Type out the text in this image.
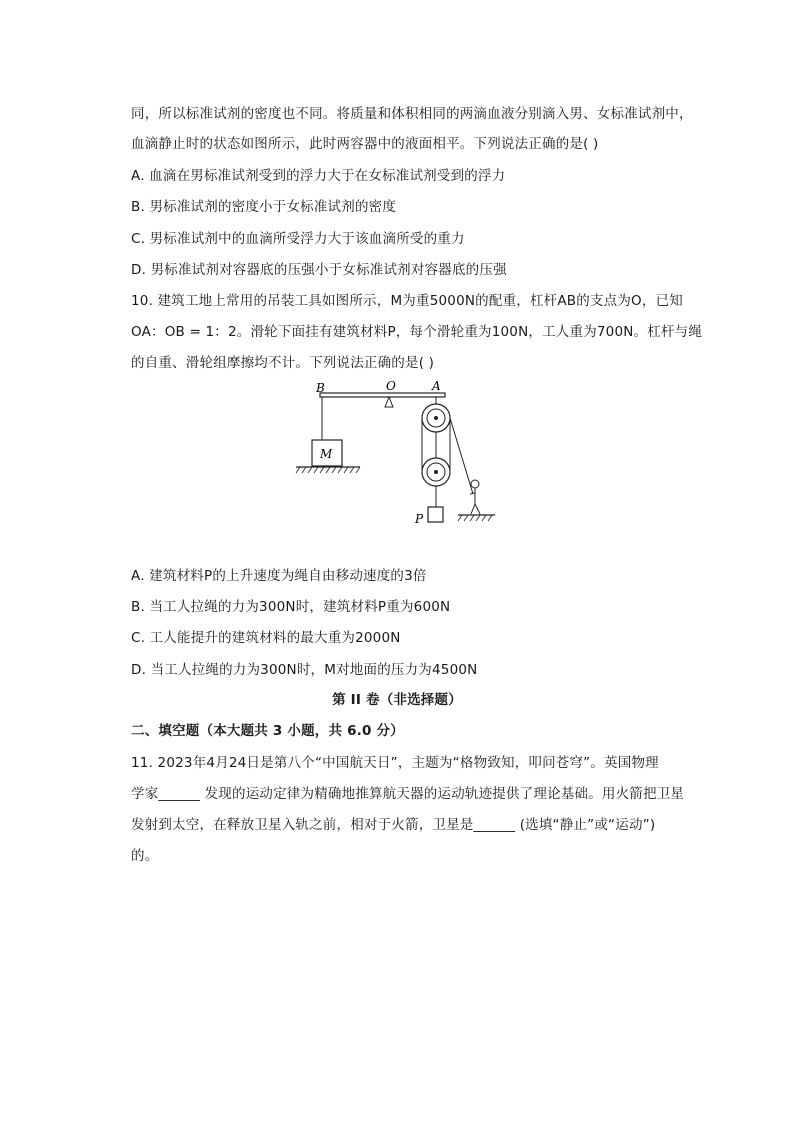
同，所以标准试剂的密度也不同。将质量和体积相同的两滴血液分别滴入男、女标准试剂中，
血滴静止时的状态如图所示，此时两容器中的液面相平。下列说法正确的是( )
A. 血滴在男标准试剂受到的浮力大于在女标准试剂受到的浮力
B. 男标准试剂的密度小于女标准试剂的密度
C. 男标准试剂中的血滴所受浮力大于该血滴所受的重力
D. 男标准试剂对容器底的压强小于女标准试剂对容器底的压强
10. 建筑工地上常用的吊装工具如图所示，M为重5000N的配重，杠杆AB的支点为O，已知
OA：OB = 1：2。滑轮下面挂有建筑材料P，每个滑轮重为100N，工人重为700N。杠杆与绳
的自重、滑轮组摩擦均不计。下列说法正确的是( )
B	O	A
M
P
A. 建筑材料P的上升速度为绳自由移动速度的3倍
B. 当工人拉绳的力为300N时，建筑材料P重为600N
C. 工人能提升的建筑材料的最大重为2000N
D. 当工人拉绳的力为300N时，M对地面的压力为4500N
第 II 卷（非选择题）
二、填空题（本大题共 3 小题，共 6.0 分）
11. 2023年4月24日是第八个“中国航天日”，主题为“格物致知，叩问苍穹”。英国物理
学家______ 发现的运动定律为精确地推算航天器的运动轨迹提供了理论基础。用火箭把卫星
发射到太空，在释放卫星入轨之前，相对于火箭，卫星是______ (选填“静止”或“运动”)
的。
